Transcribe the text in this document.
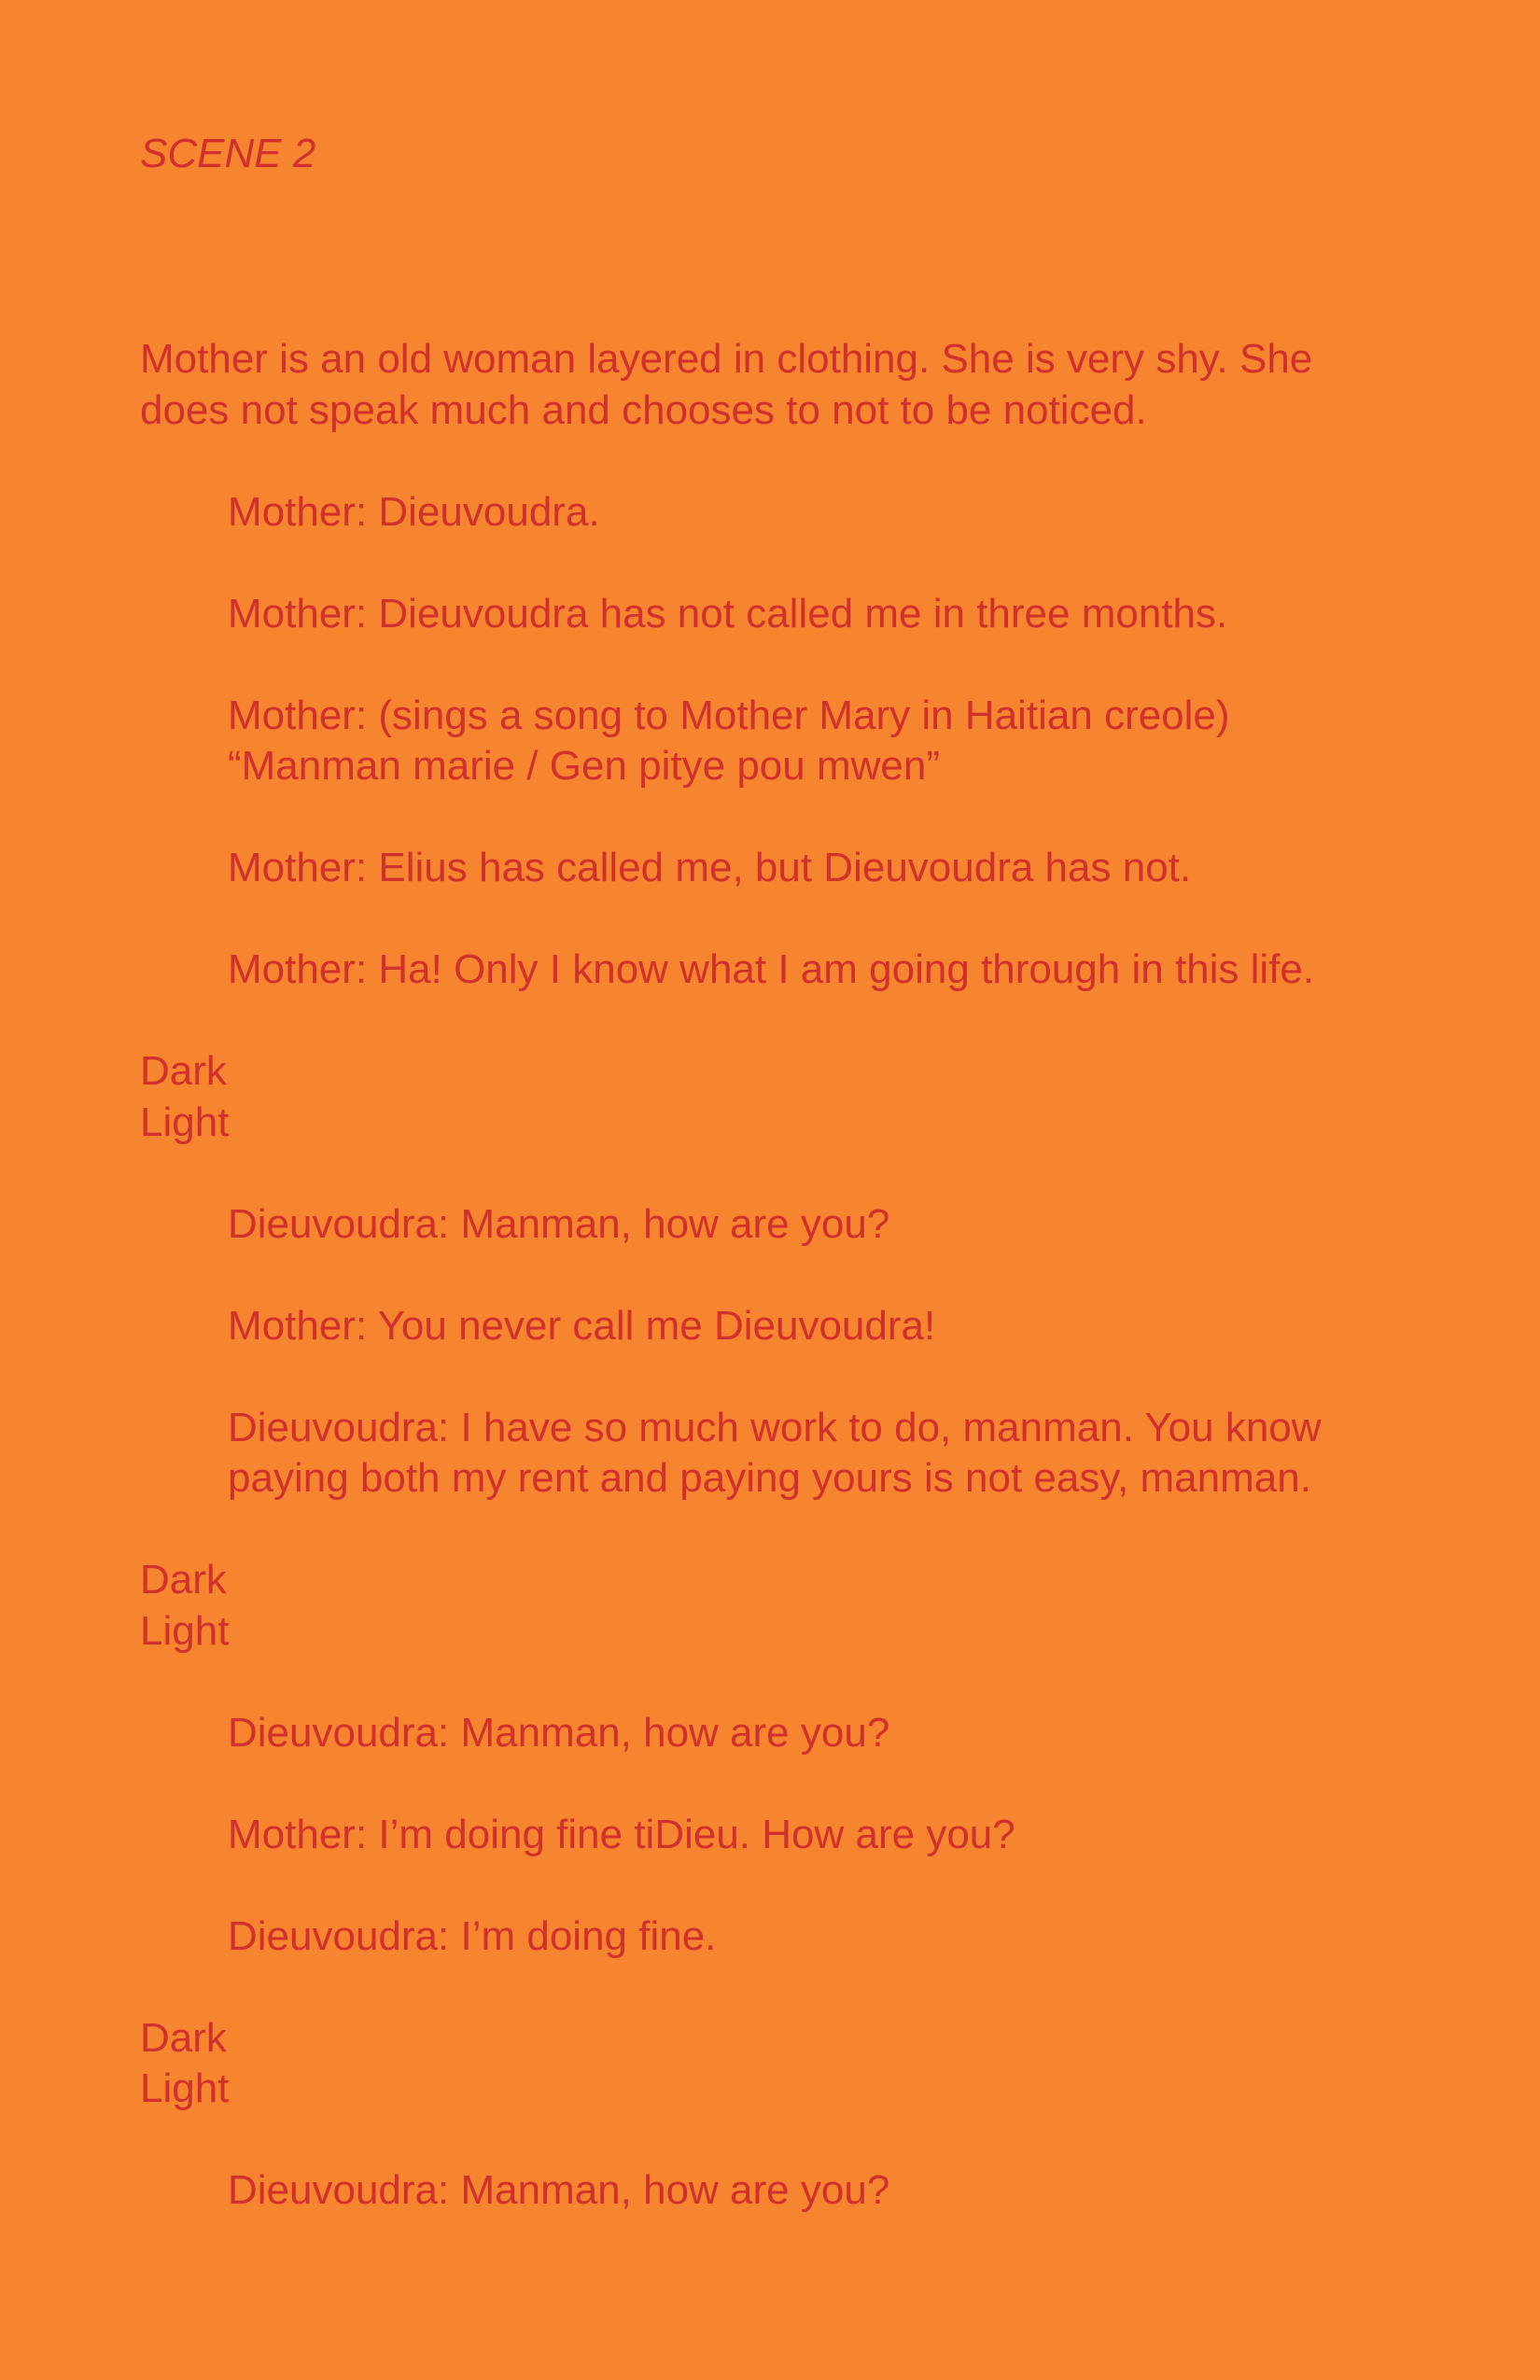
SCENE 2
Mother is an old woman layered in clothing. She is very shy. She
does not speak much and chooses to not to be noticed.
Mother: Dieuvoudra.
Mother: Dieuvoudra has not called me in three months.
Mother: (sings a song to Mother Mary in Haitian creole)
“Manman marie / Gen pitye pou mwen”
Mother: Elius has called me, but Dieuvoudra has not.
Mother: Ha! Only I know what I am going through in this life.
Dark
Light
Dieuvoudra: Manman, how are you?
Mother: You never call me Dieuvoudra!
Dieuvoudra: I have so much work to do, manman. You know
paying both my rent and paying yours is not easy, manman.
Dark
Light
Dieuvoudra: Manman, how are you?
Mother: I’m doing fine tiDieu. How are you?
Dieuvoudra: I’m doing fine.
Dark
Light
Dieuvoudra: Manman, how are you?
